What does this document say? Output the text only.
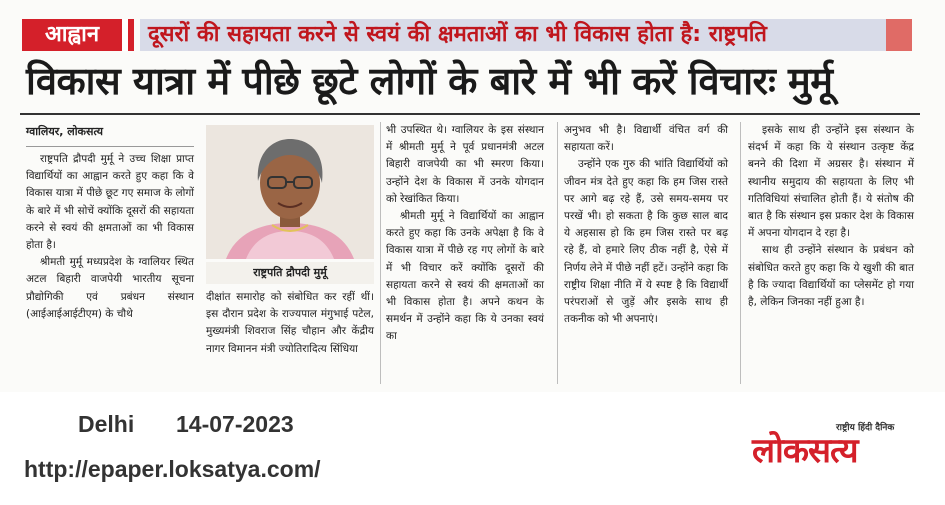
आह्वान	दूसरों की सहायता करने से स्वयं की क्षमताओं का भी विकास होता है: राष्ट्रपति
विकास यात्रा में पीछे छूटे लोगों के बारे में भी करें विचारः मुर्मू
ग्वालियर, लोकसत्य

राष्ट्रपति द्रौपदी मुर्मू ने उच्च शिक्षा प्राप्त विद्यार्थियों का आह्वान करते हुए कहा कि वे विकास यात्रा में पीछे छूट गए समाज के लोगों के बारे में भी सोचें क्योंकि दूसरों की सहायता करने से स्वयं की क्षमताओं का भी विकास होता है।

श्रीमती मुर्मू मध्यप्रदेश के ग्वालियर स्थित अटल बिहारी वाजपेयी भारतीय सूचना प्रौद्योगिकी एवं प्रबंधन संस्थान (आईआईआईटीएम) के चौथे

राष्ट्रपति द्रौपदी मुर्मू

दीक्षांत समारोह को संबोधित कर रहीं थीं। इस दौरान प्रदेश के राज्यपाल मंगुभाई पटेल, मुख्यमंत्री शिवराज सिंह चौहान और केंद्रीय नागर विमानन मंत्री ज्योतिरादित्य सिंधिया

भी उपस्थित थे। ग्वालियर के इस संस्थान में श्रीमती मुर्मू ने पूर्व प्रधानमंत्री अटल बिहारी वाजपेयी का भी स्मरण किया। उन्होंने देश के विकास में उनके योगदान को रेखांकित किया।

श्रीमती मुर्मू ने विद्यार्थियों का आह्वान करते हुए कहा कि उनके अपेक्षा है कि वे विकास यात्रा में पीछे रह गए लोगों के बारे में भी विचार करें क्योंकि दूसरों की सहायता करने से स्वयं की क्षमताओं का भी विकास होता है। अपने कथन के समर्थन में उन्होंने कहा कि ये उनका स्वयं का

अनुभव भी है। विद्यार्थी वंचित वर्ग की सहायता करें।

उन्होंने एक गुरु की भांति विद्यार्थियों को जीवन मंत्र देते हुए कहा कि हम जिस रास्ते पर आगे बढ़ रहे हैं, उसे समय-समय पर परखें भी। हो सकता है कि कुछ साल बाद ये अहसास हो कि हम जिस रास्ते पर बढ़ रहे हैं, वो हमारे लिए ठीक नहीं है, ऐसे में निर्णय लेने में पीछे नहीं हटें। उन्होंने कहा कि राष्ट्रीय शिक्षा नीति में ये स्पष्ट है कि विद्यार्थी परंपराओं से जुड़ें और इसके साथ ही तकनीक को भी अपनाएं।

इसके साथ ही उन्होंने इस संस्थान के संदर्भ में कहा कि ये संस्थान उत्कृष्ट केंद्र बनने की दिशा में अग्रसर है। संस्थान में स्थानीय समुदाय की सहायता के लिए भी गतिविधियां संचालित होती हैं। ये संतोष की बात है कि संस्थान इस प्रकार देश के विकास में अपना योगदान दे रहा है।

साथ ही उन्होंने संस्थान के प्रबंधन को संबोधित करते हुए कहा कि ये खुशी की बात है कि ज्यादा विद्यार्थियों का प्लेसमेंट हो गया है, लेकिन जिनका नहीं हुआ है।

Delhi 14-07-2023
http://epaper.loksatya.com/
राष्ट्रीय हिंदी दैनिक
लोकसत्य
